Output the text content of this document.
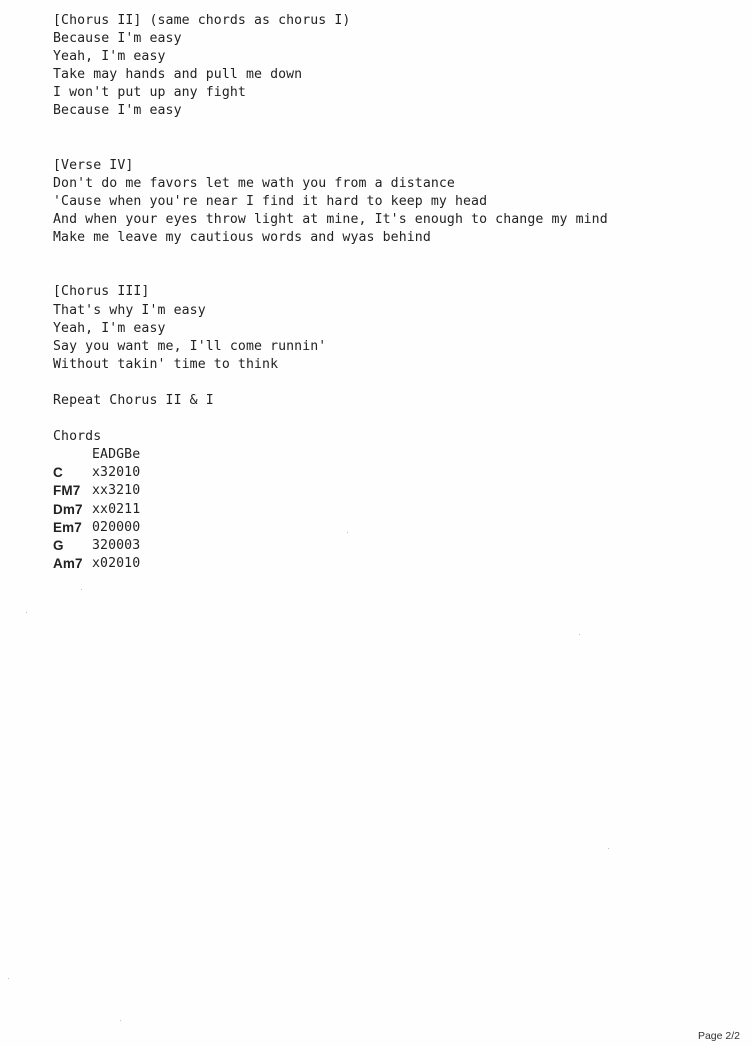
[Chorus II] (same chords as chorus I)
Because I'm easy
Yeah, I'm easy
Take may hands and pull me down
I won't put up any fight
Because I'm easy
[Verse IV]
Don't do me favors let me wath you from a distance
'Cause when you're near I find it hard to keep my head
And when your eyes throw light at mine, It's enough to change my mind
Make me leave my cautious words and wyas behind
[Chorus III]
That's why I'm easy
Yeah, I'm easy
Say you want me, I'll come runnin'
Without takin' time to think
Repeat Chorus II & I
Chords
EADGBe
C	x32010
FM7 xx3210
Dm7 xx0211
Em7 020000
G	320003
Am7 x02010
Page 2/2
